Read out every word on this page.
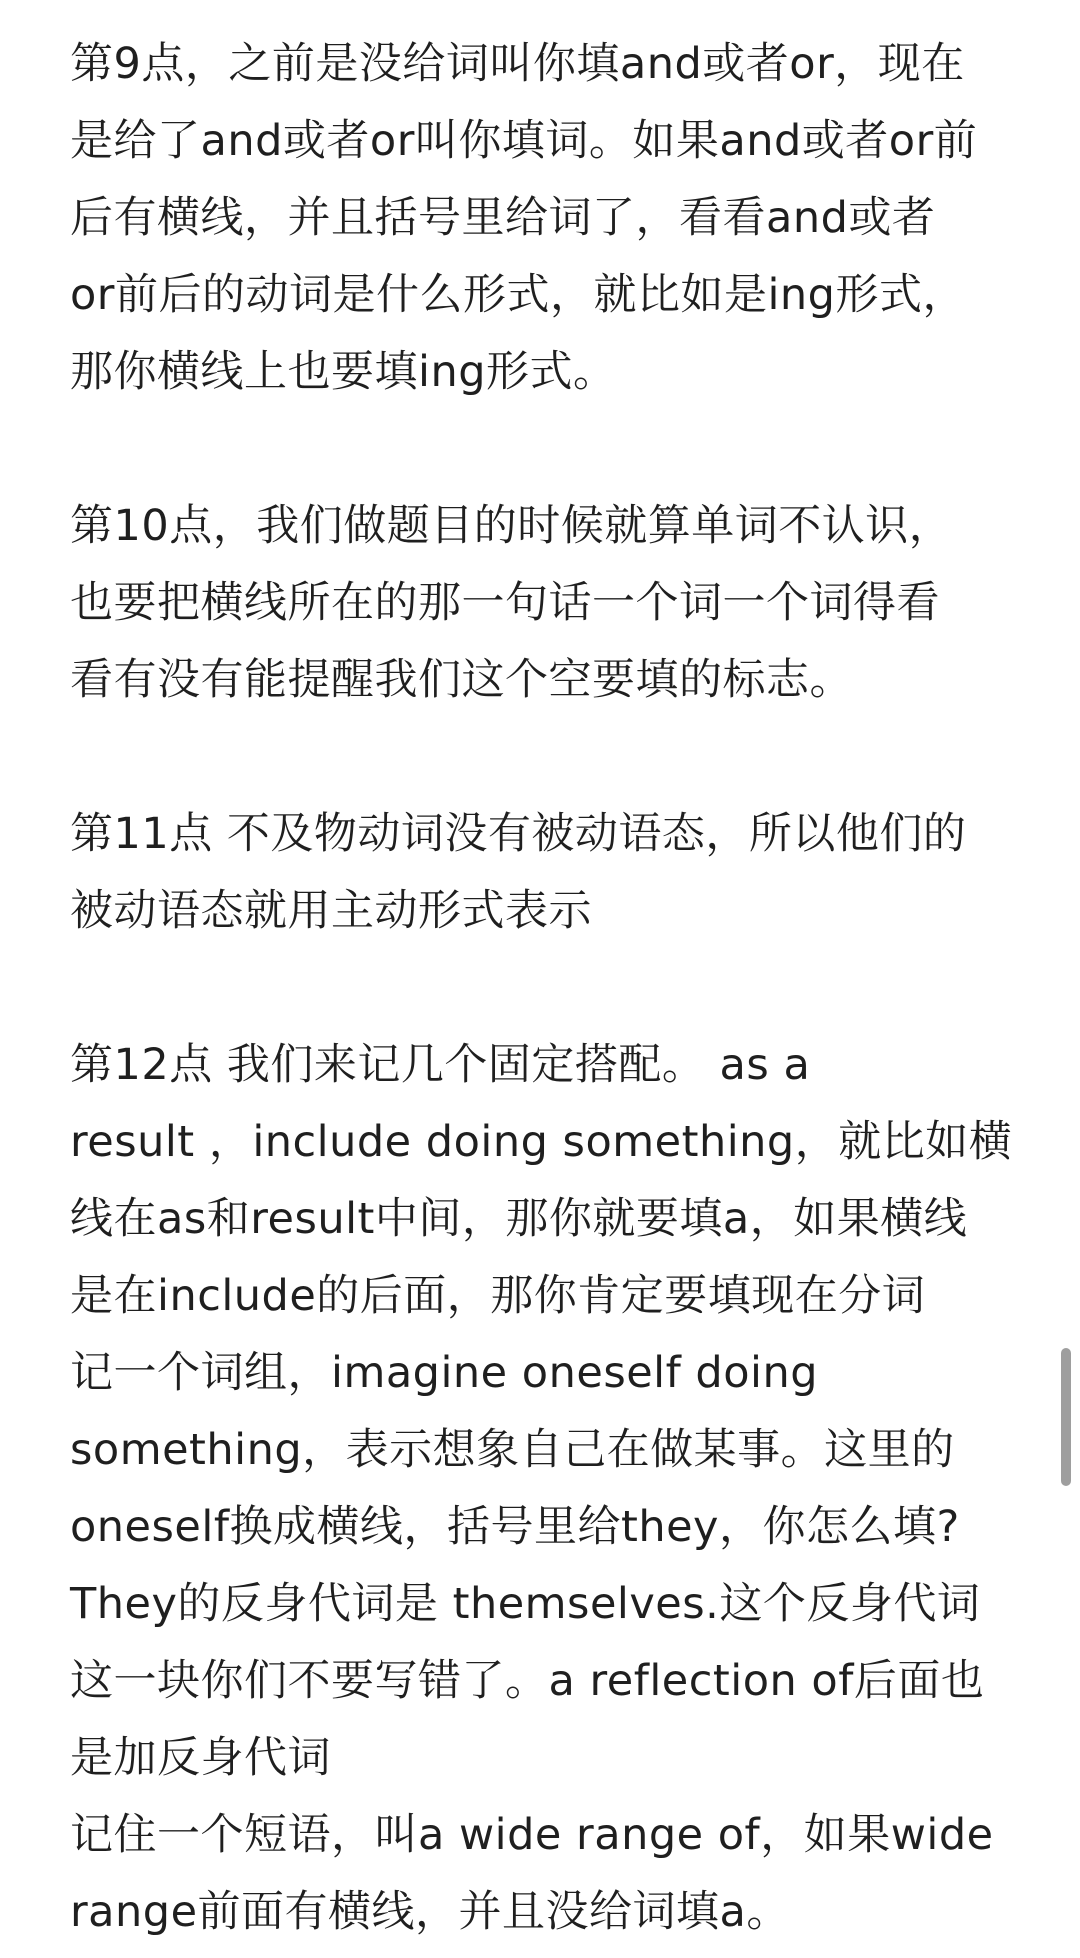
第9点，之前是没给词叫你填and或者or，现在
是给了and或者or叫你填词。如果and或者or前
后有横线，并且括号里给词了，看看and或者
or前后的动词是什么形式，就比如是ing形式，
那你横线上也要填ing形式。
第10点，我们做题目的时候就算单词不认识，
也要把横线所在的那一句话一个词一个词得看
看有没有能提醒我们这个空要填的标志。
第11点 不及物动词没有被动语态，所以他们的
被动语态就用主动形式表示
第12点 我们来记几个固定搭配。 as a
result ，include doing something，就比如横
线在as和result中间，那你就要填a，如果横线
是在include的后面，那你肯定要填现在分词
记一个词组，imagine oneself doing
something，表示想象自己在做某事。这里的
oneself换成横线，括号里给they，你怎么填?
They的反身代词是 themselves.这个反身代词
这一块你们不要写错了。a reflection of后面也
是加反身代词
记住一个短语，叫a wide range of，如果wide
range前面有横线，并且没给词填a。
